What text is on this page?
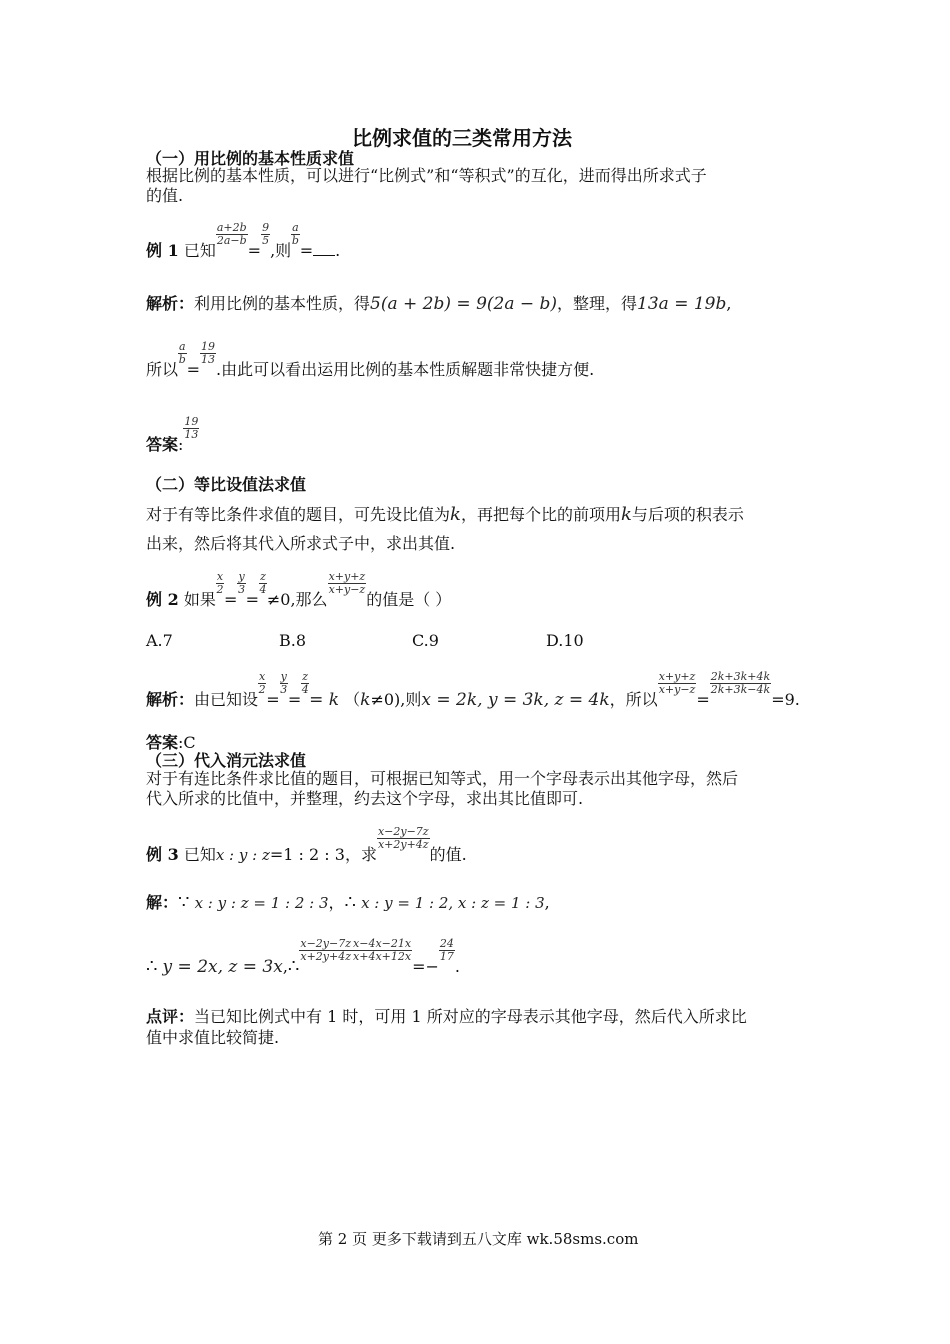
比例求值的三类常用方法
（一）用比例的基本性质求值
根据比例的基本性质，可以进行“比例式”和“等积式”的互化，进而得出所求式子
的值.
例 1 已知
$\frac{a+2b}{2a-b}$
=
$\frac{9}{5}$
,则
$\frac{a}{b}$
= .
解析：利用比例的基本性质，得5(a + 2b) = 9(2a − b)，整理，得13a = 19b,
所以
$\frac{a}{b}$
=
$\frac{19}{13}$
.由此可以看出运用比例的基本性质解题非常快捷方便.
答案:
$\frac{19}{13}$
（二）等比设值法求值
对于有等比条件求值的题目，可先设比值为k，再把每个比的前项用k与后项的积表示
出来，然后将其代入所求式子中，求出其值.
例 2 如果
$\frac{x}{2}$
=
$\frac{y}{3}$
=
$\frac{z}{4}$
≠0,那么
$\frac{x+y+z}{x+y-z}$
的值是（ ）
A.7	B.8	C.9	D.10
解析：由已知设
$\frac{x}{2}$
=
$\frac{y}{3}$
=
$\frac{z}{4}$
= k （k≠0),则x = 2k, y = 3k, z = 4k，所以
$\frac{x+y+z}{x+y-z}$
=
$\frac{2k+3k+4k}{2k+3k-4k}$
=9.
答案:C
（三）代入消元法求值
对于有连比条件求比值的题目，可根据已知等式，用一个字母表示出其他字母，然后
代入所求的比值中，并整理，约去这个字母，求出其比值即可.
例 3 已知x : y : z=1 : 2 : 3，求
$\frac{x-2y-7z}{x+2y+4z}$
的值.
解：∵ x : y : z = 1 : 2 : 3，∴ x : y = 1 : 2, x : z = 1 : 3,
∴ y = 2x, z = 3x,∴
$\frac{x-2y-7z}{x+2y+4z} \frac{x-4x-21x}{x+4x+12x}$
=−
$\frac{24}{17}$
.
点评：当已知比例式中有 1 时，可用 1 所对应的字母表示其他字母，然后代入所求比
值中求值比较简捷.
第 2 页 更多下载请到五八文库 wk.58sms.com
